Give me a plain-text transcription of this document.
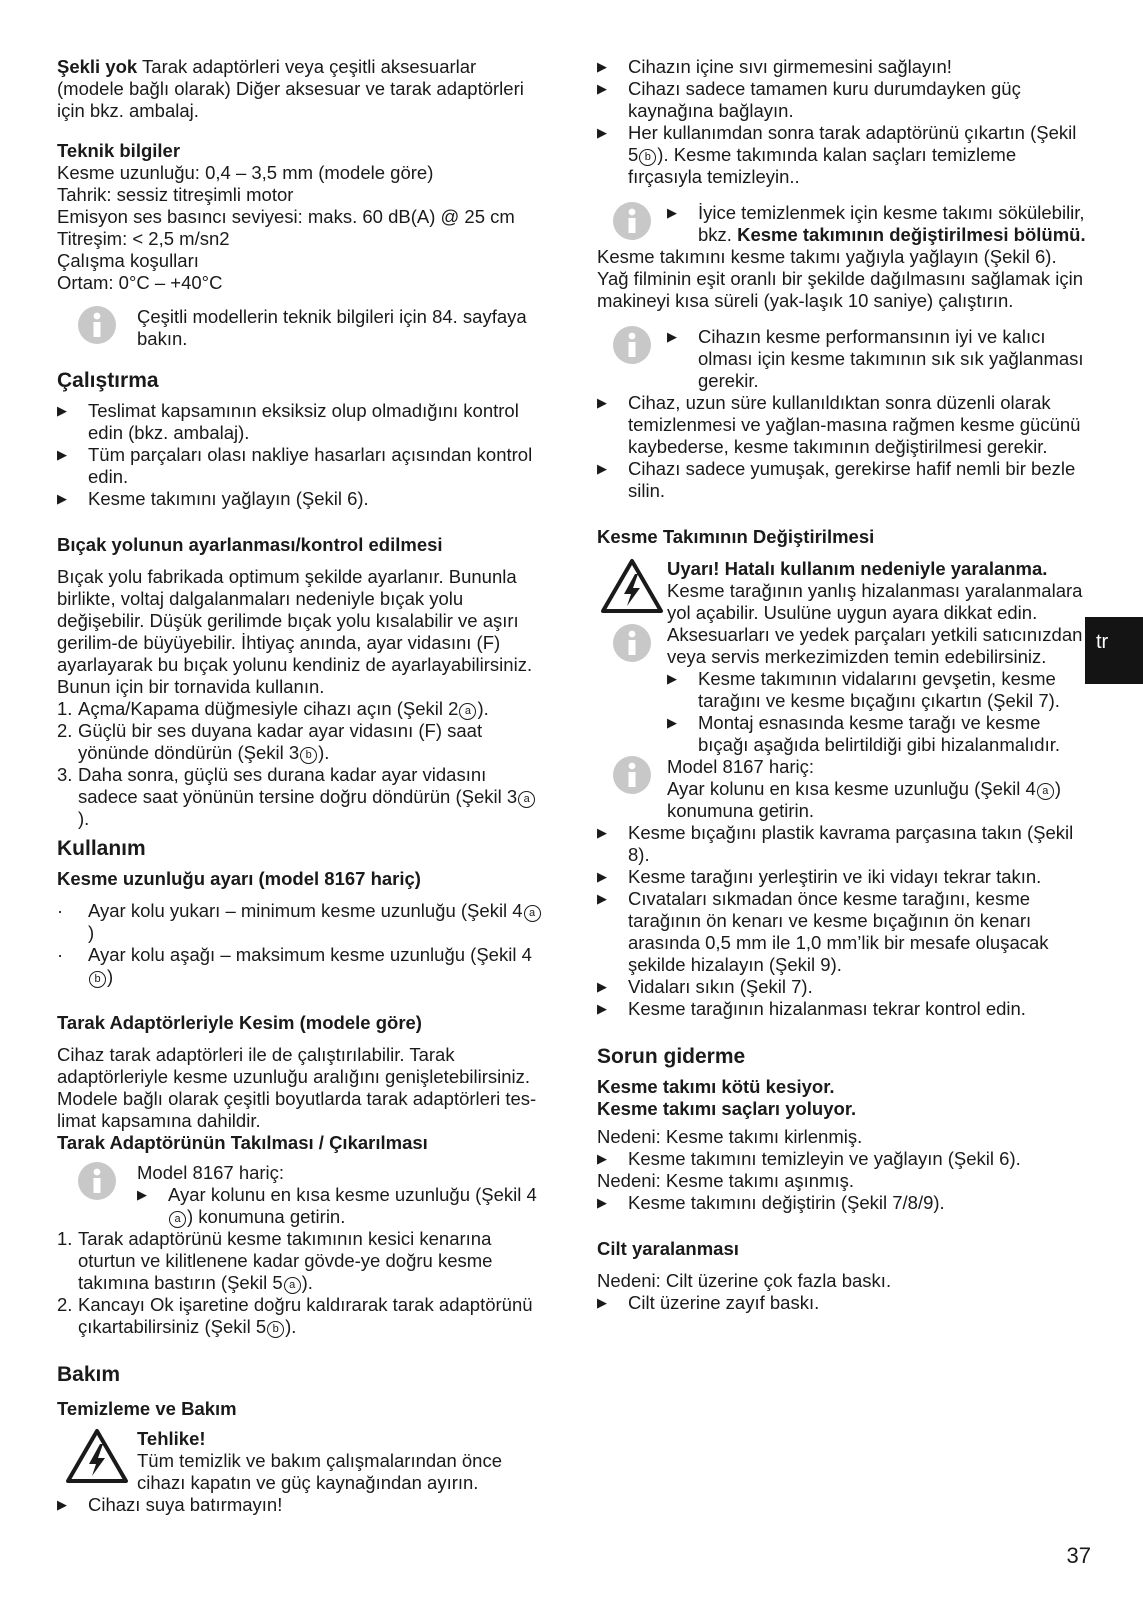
Şekli yok Tarak adaptörleri veya çeşitli aksesuarlar (modele bağlı olarak) Diğer aksesuar ve tarak adaptörleri için bkz. ambalaj.

Teknik bilgiler

Kesme uzunluğu: 0,4 – 3,5 mm (modele göre)

Tahrik: sessiz titreşimli motor

Emisyon ses basıncı seviyesi: maks. 60 dB(A) @ 25 cm

Titreşim: < 2,5 m/sn2

Çalışma koşulları

Ortam: 0°C – +40°C

Çeşitli modellerin teknik bilgileri için 84. sayfaya bakın.

Çalıştırma

▶	Teslimat kapsamının eksiksiz olup olmadığını kontrol edin (bkz. ambalaj).
▶	Tüm parçaları olası nakliye hasarları açısından kontrol edin.
▶	Kesme takımını yağlayın (Şekil 6).

Bıçak yolunun ayarlanması/kontrol edilmesi

Bıçak yolu fabrikada optimum şekilde ayarlanır. Bununla birlikte, voltaj dalgalanmaları nedeniyle bıçak yolu değişebilir. Düşük gerilimde bıçak yolu kısalabilir ve aşırı gerilim-de büyüyebilir. İhtiyaç anında, ayar vidasını (F) ayarlayarak bu bıçak yolunu kendiniz de ayarlayabilirsiniz. Bunun için bir tornavida kullanın.

1. Açma/Kapama düğmesiyle cihazı açın (Şekil 2 a ).
2. Güçlü bir ses duyana kadar ayar vidasını (F) saat yönünde döndürün (Şekil 3 b ).
3. Daha sonra, güçlü ses durana kadar ayar vidasını sadece saat yönünün tersine doğru döndürün (Şekil 3 a).

Kullanım

Kesme uzunluğu ayarı (model 8167 hariç)

·	Ayar kolu yukarı – minimum kesme uzunluğu (Şekil 4 a)
·	Ayar kolu aşağı – maksimum kesme uzunluğu (Şekil 4b )

Tarak Adaptörleriyle Kesim (modele göre)

Cihaz tarak adaptörleri ile de çalıştırılabilir. Tarak adaptörleriyle kesme uzunluğu aralığını genişletebilirsiniz. Modele bağlı olarak çeşitli boyutlarda tarak adaptörleri tes-limat kapsamına dahildir.

Tarak Adaptörünün Takılması / Çıkarılması

Model 8167 hariç:

▶	Ayar kolunu en kısa kesme uzunluğu (Şekil 4a ) konumuna getirin.
1. Tarak adaptörünü kesme takımının kesici kenarına oturtun ve kilitlenene kadar gövde-ye doğru kesme takımına bastırın (Şekil 5 a ).
2. Kancayı Ok işaretine doğru kaldırarak tarak adaptörünü çıkartabilirsiniz (Şekil 5 b ).

Bakım

Temizleme ve Bakım

Tehlike!

Tüm temizlik ve bakım çalışmalarından önce cihazı kapatın ve güç kaynağından ayırın.

▶	Cihazı suya batırmayın!
▶	Cihazın içine sıvı girmemesini sağlayın!
▶	Cihazı sadece tamamen kuru durumdayken güç kaynağına bağlayın.
▶	Her kullanımdan sonra tarak adaptörünü çıkartın (Şekil 5 b ). Kesme takımında kalan saçları temizleme fırçasıyla temizleyin..
▶	İyice temizlenmek için kesme takımı sökülebilir, bkz. Kesme takımının değiştirilmesi bölümü.

Kesme takımını kesme takımı yağıyla yağlayın (Şekil 6). Yağ filminin eşit oranlı bir şekilde dağılmasını sağlamak için makineyi kısa süreli (yak-laşık 10 saniye) çalıştırın.

▶	Cihazın kesme performansının iyi ve kalıcı olması için kesme takımının sık sık yağlanması gerekir.
▶	Cihaz, uzun süre kullanıldıktan sonra düzenli olarak temizlenmesi ve yağlan-masına rağmen kesme gücünü kaybederse, kesme takımının değiştirilmesi gerekir.
▶	Cihazı sadece yumuşak, gerekirse hafif nemli bir bezle silin.

Kesme Takımının Değiştirilmesi

Uyarı! Hatalı kullanım nedeniyle yaralanma.

Kesme tarağının yanlış hizalanması yaralanmalara yol açabilir. Usulüne uygun ayara dikkat edin.

Aksesuarları ve yedek parçaları yetkili satıcınızdan veya servis merkezimizden temin edebilirsiniz.

▶	Kesme takımının vidalarını gevşetin, kesme tarağını ve kesme bıçağını çıkartın (Şekil 7).
▶	Montaj esnasında kesme tarağı ve kesme bıçağı aşağıda belirtildiği gibi hizalanmalıdır.

Model 8167 hariç:

Ayar kolunu en kısa kesme uzunluğu (Şekil 4 a ) konumuna getirin.

▶	Kesme bıçağını plastik kavrama parçasına takın (Şekil 8).
▶	Kesme tarağını yerleştirin ve iki vidayı tekrar takın.
▶	Cıvataları sıkmadan önce kesme tarağını, kesme tarağının ön kenarı ve kesme bıçağının ön kenarı arasında 0,5 mm ile 1,0 mm’lik bir mesafe oluşacak şekilde hizalayın (Şekil 9).
▶	Vidaları sıkın (Şekil 7).
▶	Kesme tarağının hizalanması tekrar kontrol edin.

Sorun giderme

Kesme takımı kötü kesiyor.

Kesme takımı saçları yoluyor.

Nedeni: Kesme takımı kirlenmiş.

▶	Kesme takımını temizleyin ve yağlayın (Şekil 6).

Nedeni: Kesme takımı aşınmış.

▶	Kesme takımını değiştirin (Şekil 7/8/9).

Cilt yaralanması

Nedeni: Cilt üzerine çok fazla baskı.

▶	Cilt üzerine zayıf baskı.
tr
37
